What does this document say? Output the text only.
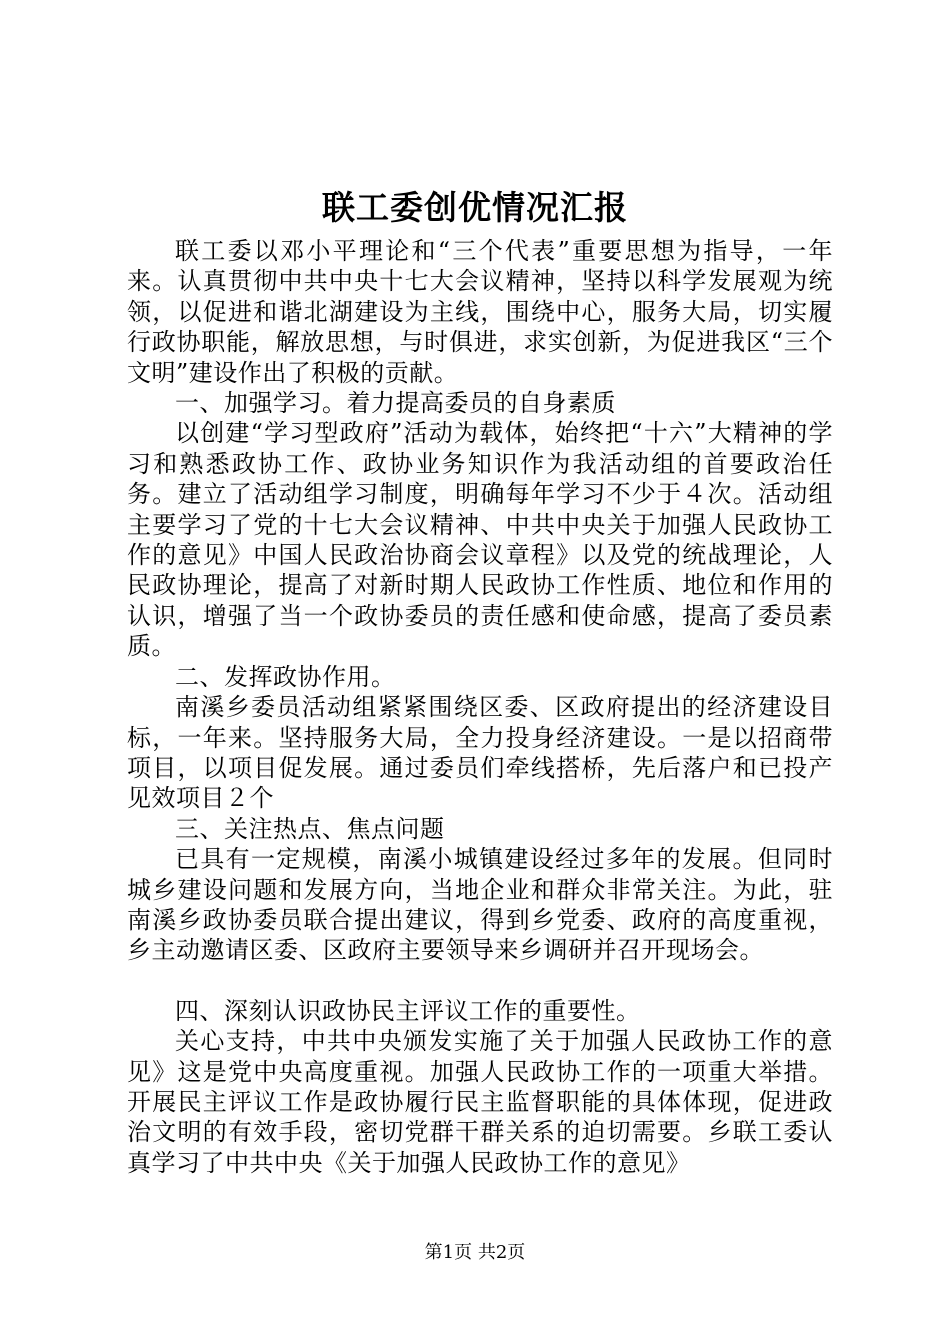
联工委创优情况汇报

联工委以邓小平理论和“三个代表”重要思想为指导，一年来。认真贯彻中共中央十七大会议精神，坚持以科学发展观为统领，以促进和谐北湖建设为主线，围绕中心，服务大局，切实履行政协职能，解放思想，与时俱进，求实创新，为促进我区“三个文明”建设作出了积极的贡献。

一、加强学习。着力提高委员的自身素质

以创建“学习型政府”活动为载体，始终把“十六”大精神的学习和熟悉政协工作、政协业务知识作为我活动组的首要政治任务。建立了活动组学习制度，明确每年学习不少于４次。活动组主要学习了党的十七大会议精神、中共中央关于加强人民政协工作的意见》中国人民政治协商会议章程》以及党的统战理论，人民政协理论，提高了对新时期人民政协工作性质、地位和作用的认识，增强了当一个政协委员的责任感和使命感，提高了委员素质。

二、发挥政协作用。

南溪乡委员活动组紧紧围绕区委、区政府提出的经济建设目标，一年来。坚持服务大局，全力投身经济建设。一是以招商带项目，以项目促发展。通过委员们牵线搭桥，先后落户和已投产见效项目２个

三、关注热点、焦点问题

已具有一定规模，南溪小城镇建设经过多年的发展。但同时城乡建设问题和发展方向，当地企业和群众非常关注。为此，驻南溪乡政协委员联合提出建议，得到乡党委、政府的高度重视，乡主动邀请区委、区政府主要领导来乡调研并召开现场会。

四、深刻认识政协民主评议工作的重要性。

关心支持，中共中央颁发实施了关于加强人民政协工作的意见》这是党中央高度重视。加强人民政协工作的一项重大举措。开展民主评议工作是政协履行民主监督职能的具体体现，促进政治文明的有效手段，密切党群干群关系的迫切需要。乡联工委认真学习了中共中央《关于加强人民政协工作的意见》

第1页 共2页
